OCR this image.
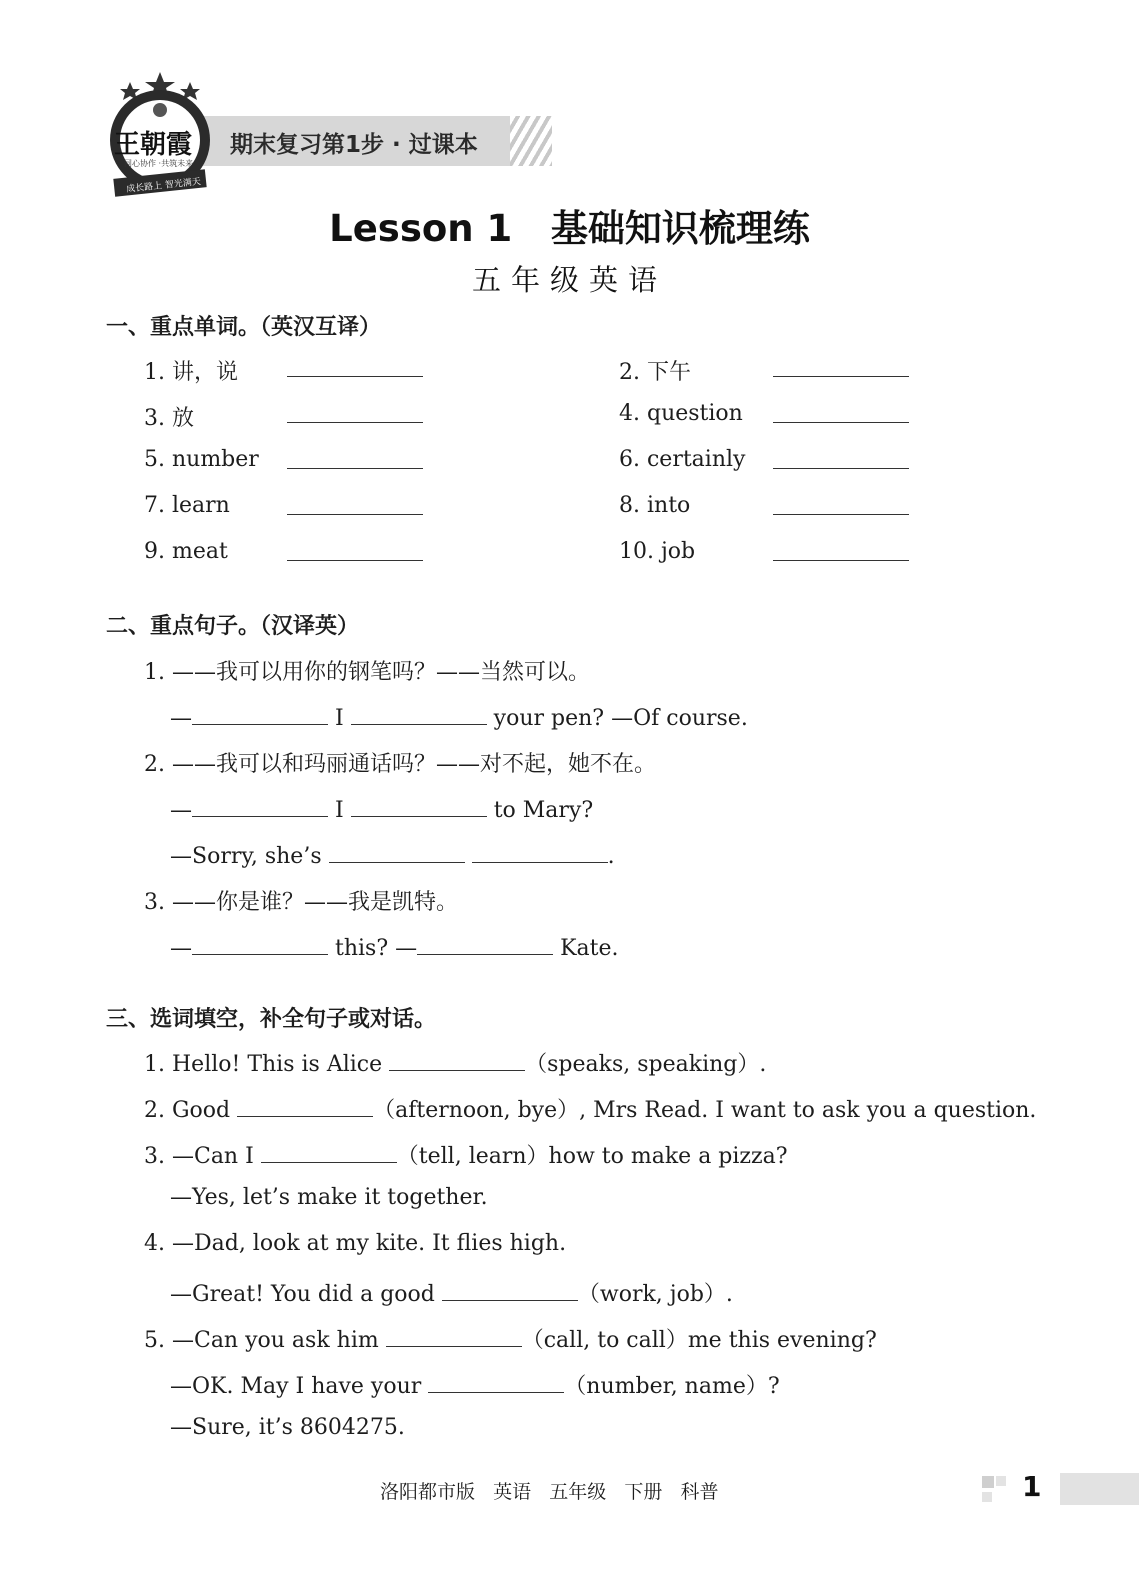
期末复习第1步 · 过课本
王朝霞
同心协作 ·共筑未来
成长路上 智光满天
Lesson 1   基础知识梳理练
五年级英语
一、重点单词。（英汉互译）
1. 讲，说	2. 下午
3. 放	4. question
5. number	6. certainly
7. learn	8. into
9. meat	10. job
二、重点句子。（汉译英）
1. ——我可以用你的钢笔吗？——当然可以。
—	I	your pen? —Of course.
2. ——我可以和玛丽通话吗？——对不起，她不在。
—	I	to Mary?
—Sorry, she’s	.
3. ——你是谁？——我是凯特。
—	this? —	Kate.
三、选词填空，补全句子或对话。
1. Hello! This is Alice	（speaks, speaking）.
2. Good	（afternoon, bye）, Mrs Read. I want to ask you a question.
3. —Can I	（tell, learn）how to make a pizza?
—Yes, let’s make it together.
4. —Dad, look at my kite. It flies high.
—Great! You did a good	（work, job）.
5. —Can you ask him	（call, to call）me this evening?
—OK. May I have your	（number, name）?
—Sure, it’s 8604275.
洛阳都市版   英语   五年级   下册   科普	1
